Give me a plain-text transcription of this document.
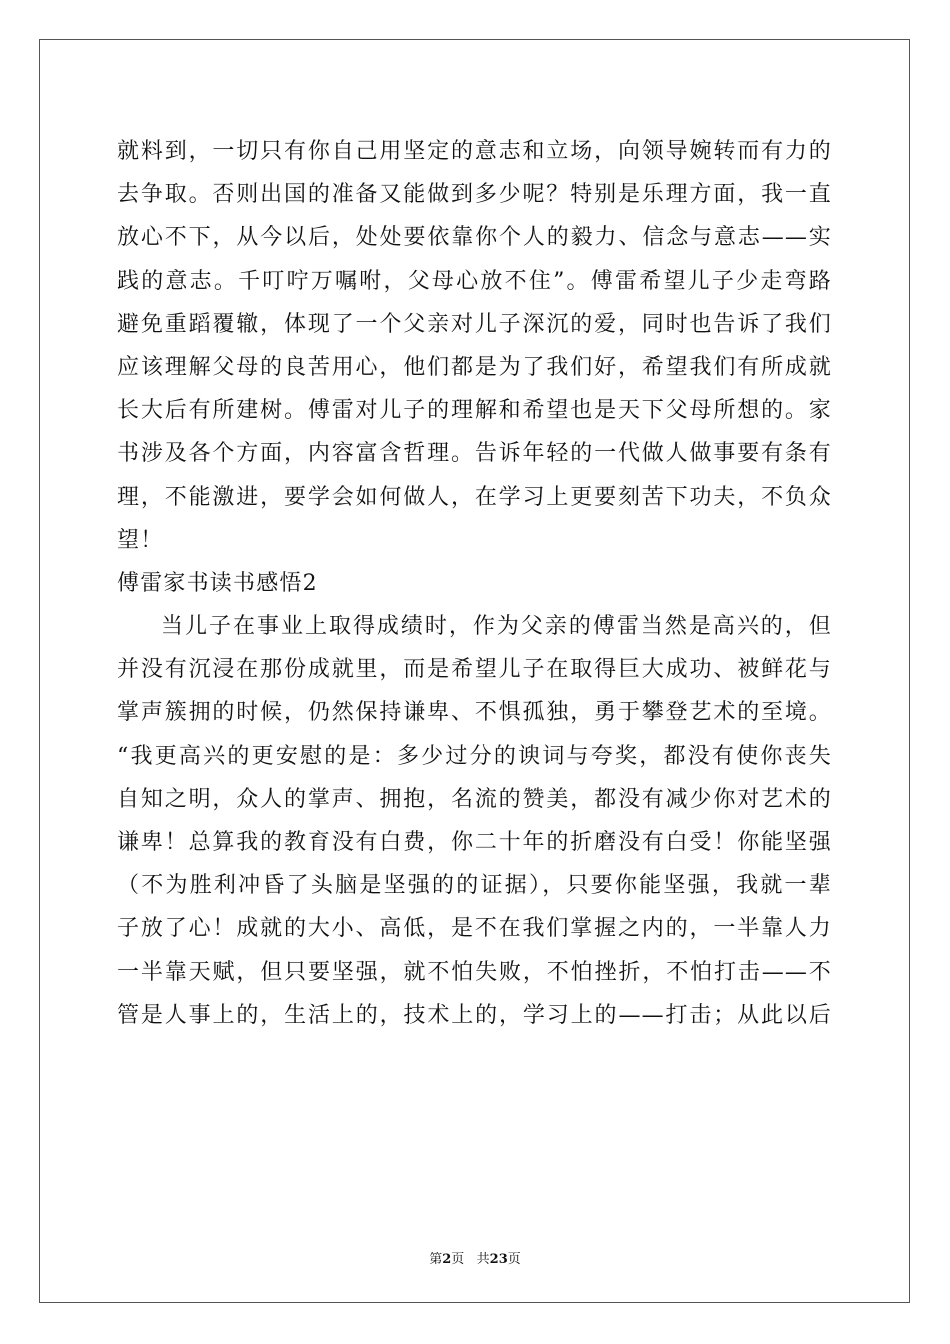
就料到，一切只有你自己用坚定的意志和立场，向领导婉转而有力的
去争取。否则出国的准备又能做到多少呢？特别是乐理方面，我一直
放心不下，从今以后，处处要依靠你个人的毅力、信念与意志——实
践的意志。千叮咛万嘱咐，父母心放不住”。傅雷希望儿子少走弯路
避免重蹈覆辙，体现了一个父亲对儿子深沉的爱，同时也告诉了我们
应该理解父母的良苦用心，他们都是为了我们好，希望我们有所成就
长大后有所建树。傅雷对儿子的理解和希望也是天下父母所想的。家
书涉及各个方面，内容富含哲理。告诉年轻的一代做人做事要有条有
理，不能激进，要学会如何做人，在学习上更要刻苦下功夫，不负众
望！
傅雷家书读书感悟2
当儿子在事业上取得成绩时，作为父亲的傅雷当然是高兴的，但
并没有沉浸在那份成就里，而是希望儿子在取得巨大成功、被鲜花与
掌声簇拥的时候，仍然保持谦卑、不惧孤独，勇于攀登艺术的至境。
“我更高兴的更安慰的是：多少过分的谀词与夸奖，都没有使你丧失
自知之明，众人的掌声、拥抱，名流的赞美，都没有减少你对艺术的
谦卑！总算我的教育没有白费，你二十年的折磨没有白受！你能坚强
（不为胜利冲昏了头脑是坚强的的证据），只要你能坚强，我就一辈
子放了心！成就的大小、高低，是不在我们掌握之内的，一半靠人力
一半靠天赋，但只要坚强，就不怕失败，不怕挫折，不怕打击——不
管是人事上的，生活上的，技术上的，学习上的——打击；从此以后
第2页   共23页
